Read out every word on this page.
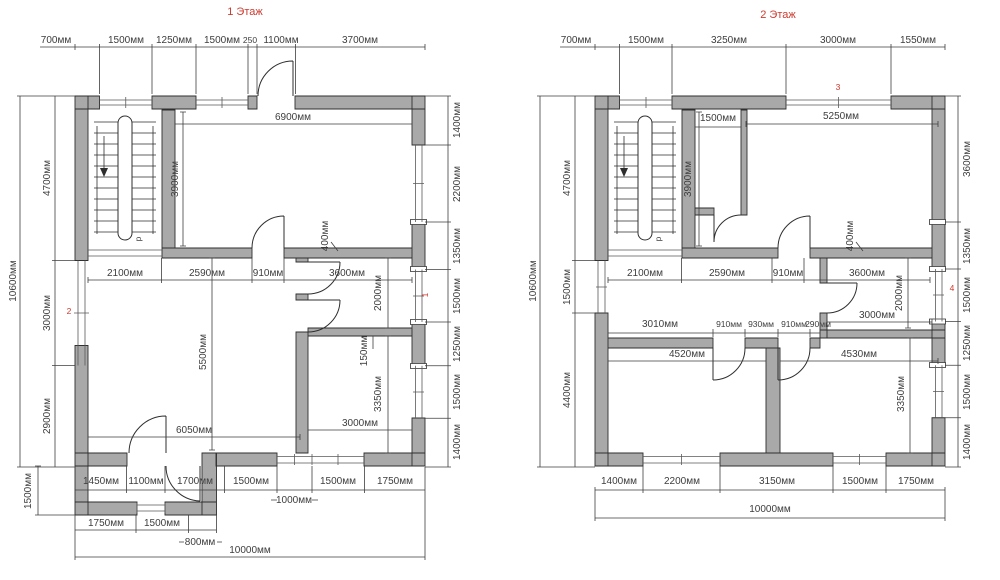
1 Этаж
p
700мм	1500мм 1250мм 1500мм 250 1100мм	3700мм
10600мм
4700мм
3000мм
2900мм
1500мм
1400мм
2200мм
1350мм
1500мм
1250мм
1500мм
1400мм
6900мм
3900мм
400мм
2100мм	2590мм	910мм	3600мм
2000мм
150мм
3350мм
3000мм
5500мм
6050мм
1450мм 1100мм 1700мм 1500мм
1000мм
1500мм 1750мм
1750мм 1500мм
800мм
10000мм
2
1
2 Этаж
p
700мм	1500мм	3250мм	3000мм	1550мм
10600мм
4700мм
1500мм
4400мм
3600мм
1350мм
1500мм
1250мм
1500мм
1400мм
1500мм	5250мм
3900мм
400мм
2100мм	2590мм	910мм	3600мм
2000мм
3000мм
3010мм	910мм 930мм 910мм
290мм
4520мм	4530мм
3350мм
1400мм	2200мм	3150мм	1500мм 1750мм
10000мм
3
4
